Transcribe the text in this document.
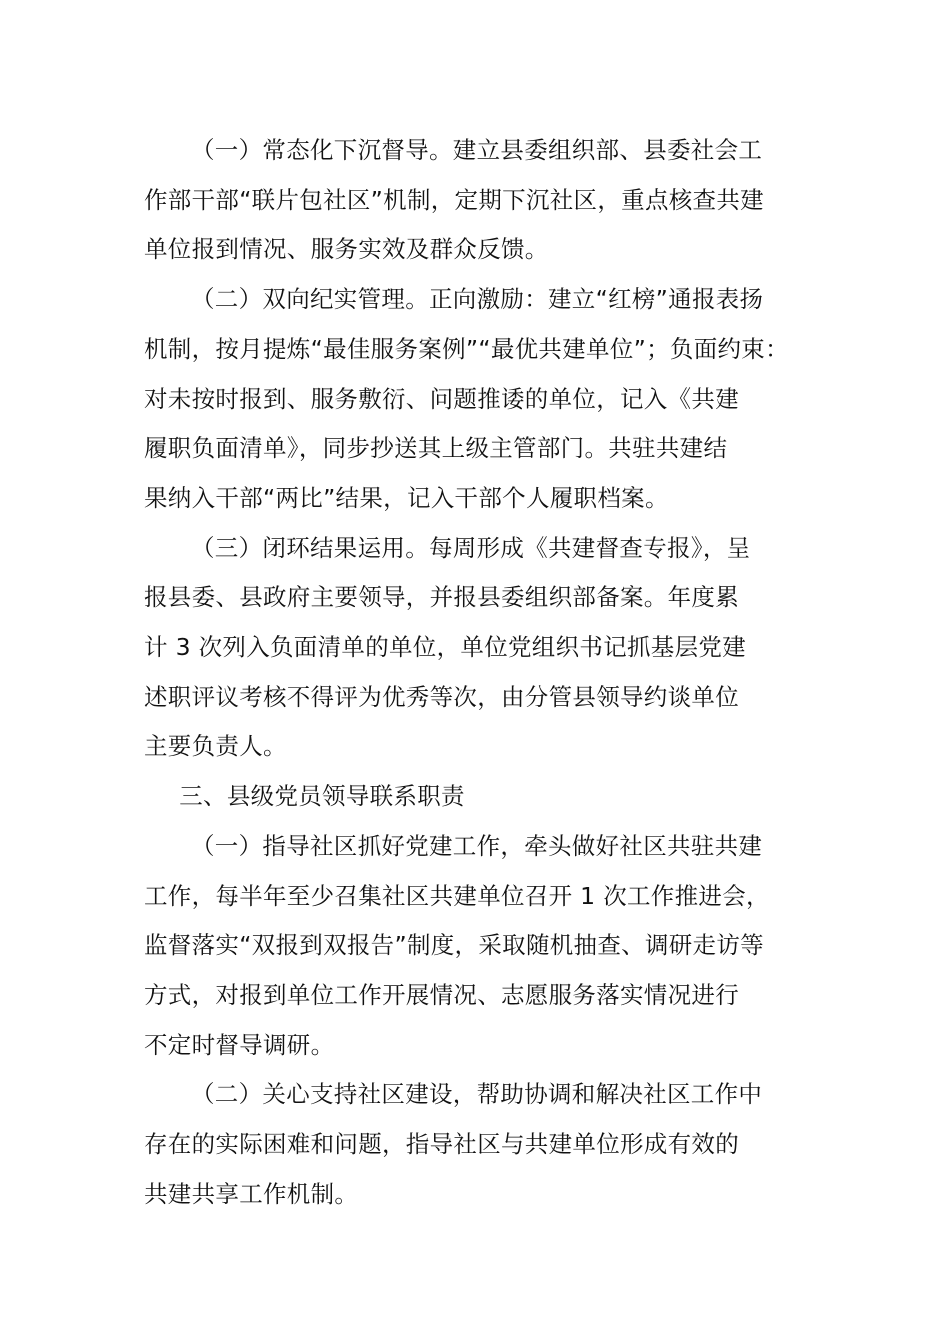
（一）常态化下沉督导。建立县委组织部、县委社会工
作部干部“联片包社区”机制，定期下沉社区，重点核查共建
单位报到情况、服务实效及群众反馈。

（二）双向纪实管理。正向激励：建立“红榜”通报表扬
机制，按月提炼“最佳服务案例”“最优共建单位”；负面约束：
对未按时报到、服务敷衍、问题推诿的单位，记入《共建
履职负面清单》，同步抄送其上级主管部门。共驻共建结
果纳入干部“两比”结果，记入干部个人履职档案。

（三）闭环结果运用。每周形成《共建督查专报》，呈
报县委、县政府主要领导，并报县委组织部备案。年度累
计 3 次列入负面清单的单位，单位党组织书记抓基层党建
述职评议考核不得评为优秀等次，由分管县领导约谈单位
主要负责人。

三、县级党员领导联系职责

（一）指导社区抓好党建工作，牵头做好社区共驻共建
工作，每半年至少召集社区共建单位召开 1 次工作推进会，
监督落实“双报到双报告”制度，采取随机抽查、调研走访等
方式，对报到单位工作开展情况、志愿服务落实情况进行
不定时督导调研。

（二）关心支持社区建设，帮助协调和解决社区工作中
存在的实际困难和问题，指导社区与共建单位形成有效的
共建共享工作机制。
